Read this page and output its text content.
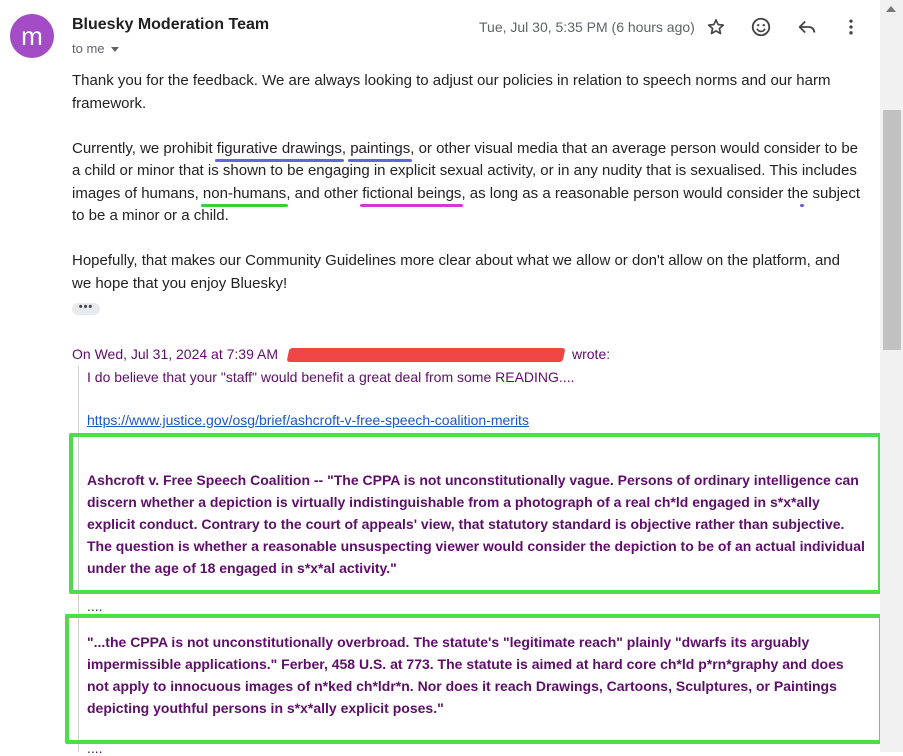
m Bluesky Moderation Team
to me
Tue, Jul 30, 5:35 PM (6 hours ago)

Thank you for the feedback. We are always looking to adjust our policies in relation to speech norms and our harm framework.

Currently, we prohibit figurative drawings, paintings, or other visual media that an average person would consider to be a child or minor that is shown to be engaging in explicit sexual activity, or in any nudity that is sexualised. This includes images of humans, non-humans, and other fictional beings, as long as a reasonable person would consider the subject to be a minor or a child.

Hopefully, that makes our Community Guidelines more clear about what we allow or don't allow on the platform, and we hope that you enjoy Bluesky!

•••
On Wed, Jul 31, 2024 at 7:39 AM	wrote:
I do believe that your "staff" would benefit a great deal from some READING....
https://www.justice.gov/osg/brief/ashcroft-v-free-speech-coalition-merits
Ashcroft v. Free Speech Coalition -- "The CPPA is not unconstitutionally vague. Persons of ordinary intelligence can discern whether a depiction is virtually indistinguishable from a photograph of a real ch*ld engaged in s*x*ally explicit conduct. Contrary to the court of appeals' view, that statutory standard is objective rather than subjective. The question is whether a reasonable unsuspecting viewer would consider the depiction to be of an actual individual under the age of 18 engaged in s*x*al activity."
....
"...the CPPA is not unconstitutionally overbroad. The statute's "legitimate reach" plainly "dwarfs its arguably impermissible applications." Ferber, 458 U.S. at 773. The statute is aimed at hard core ch*ld p*rn*graphy and does not apply to innocuous images of n*ked ch*ldr*n. Nor does it reach Drawings, Cartoons, Sculptures, or Paintings depicting youthful persons in s*x*ally explicit poses."
....
